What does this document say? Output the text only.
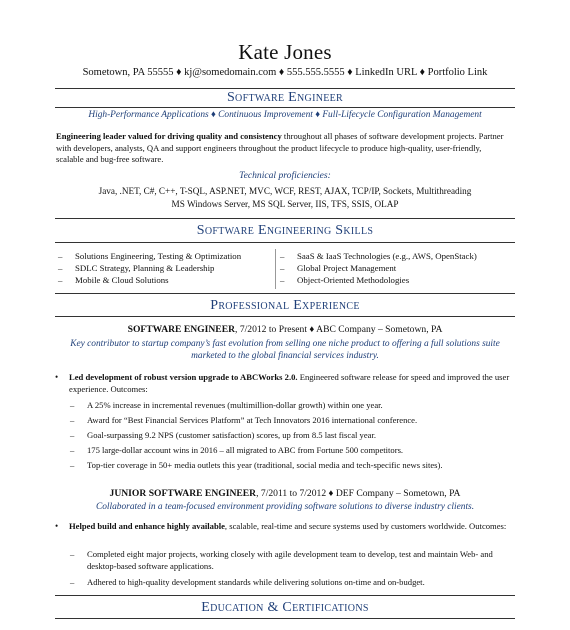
Kate Jones
Sometown, PA 55555 ♦ kj@somedomain.com ♦ 555.555.5555 ♦ LinkedIn URL ♦ Portfolio Link
Software Engineer
High-Performance Applications ♦ Continuous Improvement ♦ Full-Lifecycle Configuration Management
Engineering leader valued for driving quality and consistency throughout all phases of software development projects. Partner with developers, analysts, QA and support engineers throughout the product lifecycle to produce high-quality, user-friendly, scalable and bug-free software.
Technical proficiencies:
Java, .NET, C#, C++, T-SQL, ASP.NET, MVC, WCF, REST, AJAX, TCP/IP, Sockets, Multithreading
MS Windows Server, MS SQL Server, IIS, TFS, SSIS, OLAP
Software Engineering Skills
–	Solutions Engineering, Testing & Optimization
–	SDLC Strategy, Planning & Leadership
–	Mobile & Cloud Solutions
–	SaaS & IaaS Technologies (e.g., AWS, OpenStack)
–	Global Project Management
–	Object-Oriented Methodologies
Professional Experience
SOFTWARE ENGINEER, 7/2012 to Present ♦ ABC Company – Sometown, PA
Key contributor to startup company’s fast evolution from selling one niche product to offering a full solutions suite marketed to the global financial services industry.
•	Led development of robust version upgrade to ABCWorks 2.0. Engineered software release for speed and improved the user experience. Outcomes:
–	A 25% increase in incremental revenues (multimillion-dollar growth) within one year.
–	Award for “Best Financial Services Platform” at Tech Innovators 2016 international conference.
–	Goal-surpassing 9.2 NPS (customer satisfaction) scores, up from 8.5 last fiscal year.
–	175 large-dollar account wins in 2016 – all migrated to ABC from Fortune 500 competitors.
–	Top-tier coverage in 50+ media outlets this year (traditional, social media and tech-specific news sites).
JUNIOR SOFTWARE ENGINEER, 7/2011 to 7/2012 ♦ DEF Company – Sometown, PA
Collaborated in a team-focused environment providing software solutions to diverse industry clients.
•	Helped build and enhance highly available, scalable, real-time and secure systems used by customers worldwide. Outcomes:
–	Completed eight major projects, working closely with agile development team to develop, test and maintain Web- and desktop-based software applications.
–	Adhered to high-quality development standards while delivering solutions on-time and on-budget.
Education & Certifications
